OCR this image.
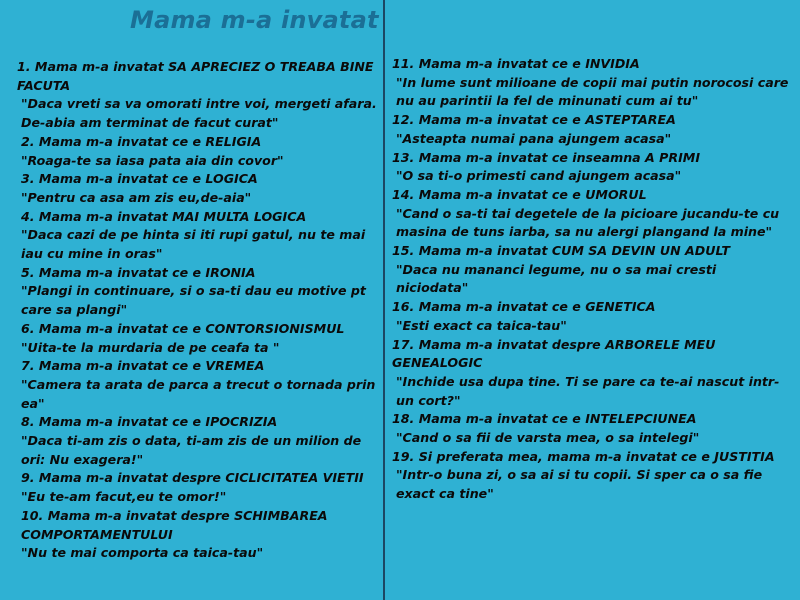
Mama m-a invatat
1. Mama m-a invatat SA APRECIEZ O TREABA BINE FACUTA
"Daca vreti sa va omorati intre voi, mergeti afara. De-abia am terminat de facut curat"
2. Mama m-a invatat ce e RELIGIA
"Roaga-te sa iasa pata aia din covor"
3. Mama m-a invatat ce e LOGICA
"Pentru ca asa am zis eu,de-aia"
4. Mama m-a invatat MAI MULTA LOGICA
"Daca cazi de pe hinta si iti rupi gatul, nu te mai iau cu mine in oras"
5. Mama m-a invatat ce e IRONIA
"Plangi in continuare, si o sa-ti dau eu motive pt care sa plangi"
6. Mama m-a invatat ce e CONTORSIONISMUL
"Uita-te la murdaria de pe ceafa ta "
7. Mama m-a invatat ce e VREMEA
"Camera ta arata de parca a trecut o tornada prin ea"
8. Mama m-a invatat ce e IPOCRIZIA
"Daca ti-am zis o data, ti-am zis de un milion de ori: Nu exagera!"
9. Mama m-a invatat despre CICLICITATEA VIETII
"Eu te-am facut,eu te omor!"
10. Mama m-a invatat despre SCHIMBAREA COMPORTAMENTULUI
"Nu te mai comporta ca taica-tau"
11. Mama m-a invatat ce e INVIDIA
"In lume sunt milioane de copii mai putin norocosi care nu au parintii la fel de minunati cum ai tu"
12. Mama m-a invatat ce e ASTEPTAREA
"Asteapta numai pana ajungem acasa"
13. Mama m-a invatat ce inseamna A PRIMI
"O sa ti-o primesti cand ajungem acasa"
14. Mama m-a invatat ce e UMORUL
"Cand o sa-ti tai degetele de la picioare jucandu-te cu masina de tuns iarba, sa nu alergi plangand la mine"
15. Mama m-a invatat CUM SA DEVIN UN ADULT
"Daca nu mananci legume, nu o sa mai cresti niciodata"
16. Mama m-a invatat ce e GENETICA
"Esti exact ca taica-tau"
17. Mama m-a invatat despre ARBORELE MEU GENEALOGIC
"Inchide usa dupa tine. Ti se pare ca te-ai nascut intr-un cort?"
18. Mama m-a invatat ce e INTELEPCIUNEA
"Cand o sa fii de varsta mea, o sa intelegi"
19. Si preferata mea, mama m-a invatat ce e JUSTITIA
"Intr-o buna zi, o sa ai si tu copii. Si sper ca o sa fie exact ca tine"
